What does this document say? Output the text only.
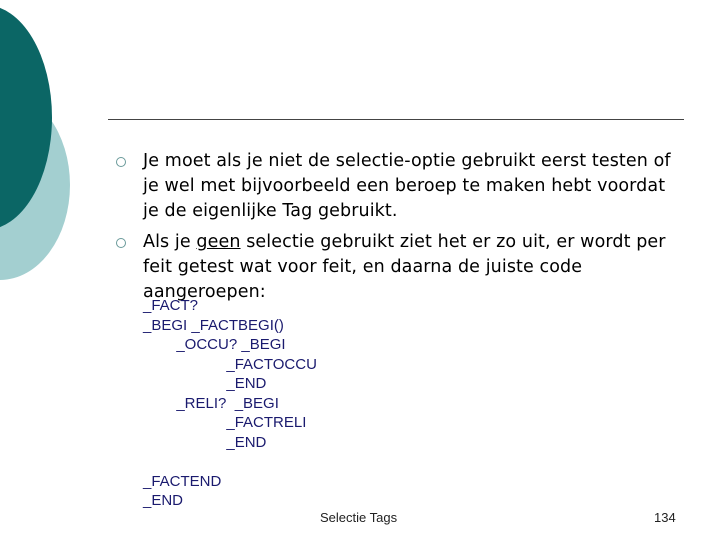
Je moet als je niet de selectie-optie gebruikt eerst testen of je wel met bijvoorbeeld een beroep te maken hebt voordat je de eigenlijke Tag gebruikt.
Als je geen selectie gebruikt ziet het er zo uit, er wordt per feit getest wat voor feit, en daarna de juiste code aangeroepen:
_FACT?
_BEGI _FACTBEGI()
_OCCU? _BEGI
_FACTOCCU
_END
_RELI?  _BEGI
_FACTRELI
_END
_FACTEND
_END
Selectie Tags	134
